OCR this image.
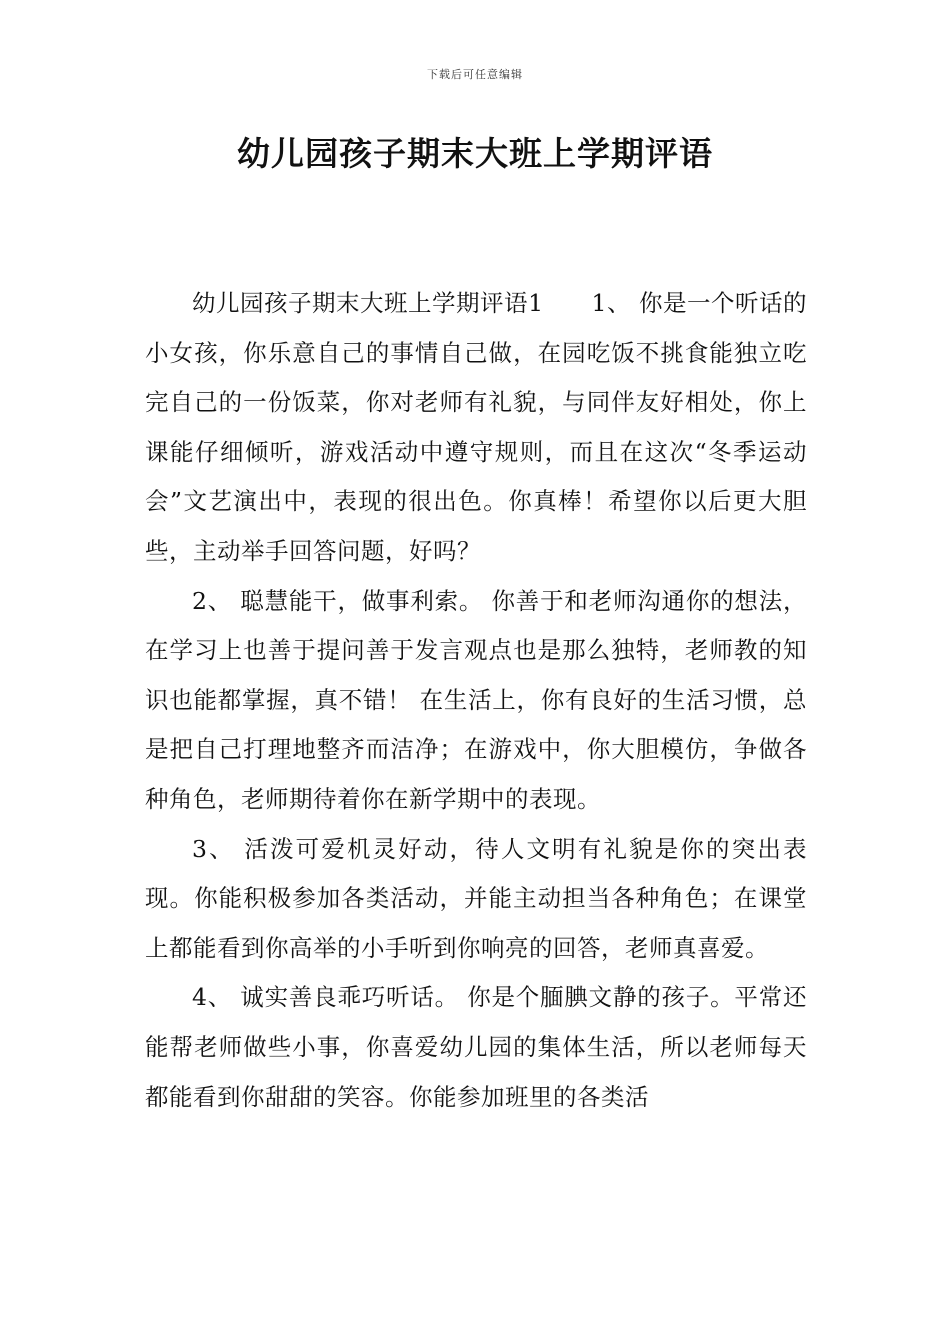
下载后可任意编辑
幼儿园孩子期末大班上学期评语

幼儿园孩子期末大班上学期评语1　　1、 你是一个听话的小女孩，你乐意自己的事情自己做，在园吃饭不挑食能独立吃完自己的一份饭菜，你对老师有礼貌，与同伴友好相处，你上课能仔细倾听，游戏活动中遵守规则，而且在这次“冬季运动会”文艺演出中，表现的很出色。你真棒！希望你以后更大胆些，主动举手回答问题，好吗？

2、 聪慧能干，做事利索。 你善于和老师沟通你的想法，在学习上也善于提问善于发言观点也是那么独特，老师教的知识也能都掌握，真不错！ 在生活上，你有良好的生活习惯，总是把自己打理地整齐而洁净；在游戏中，你大胆模仿，争做各种角色，老师期待着你在新学期中的表现。

3、 活泼可爱机灵好动，待人文明有礼貌是你的突出表现。你能积极参加各类活动，并能主动担当各种角色；在课堂上都能看到你高举的小手听到你响亮的回答，老师真喜爱。

4、 诚实善良乖巧听话。 你是个腼腆文静的孩子。平常还能帮老师做些小事，你喜爱幼儿园的集体生活，所以老师每天都能看到你甜甜的笑容。你能参加班里的各类活
